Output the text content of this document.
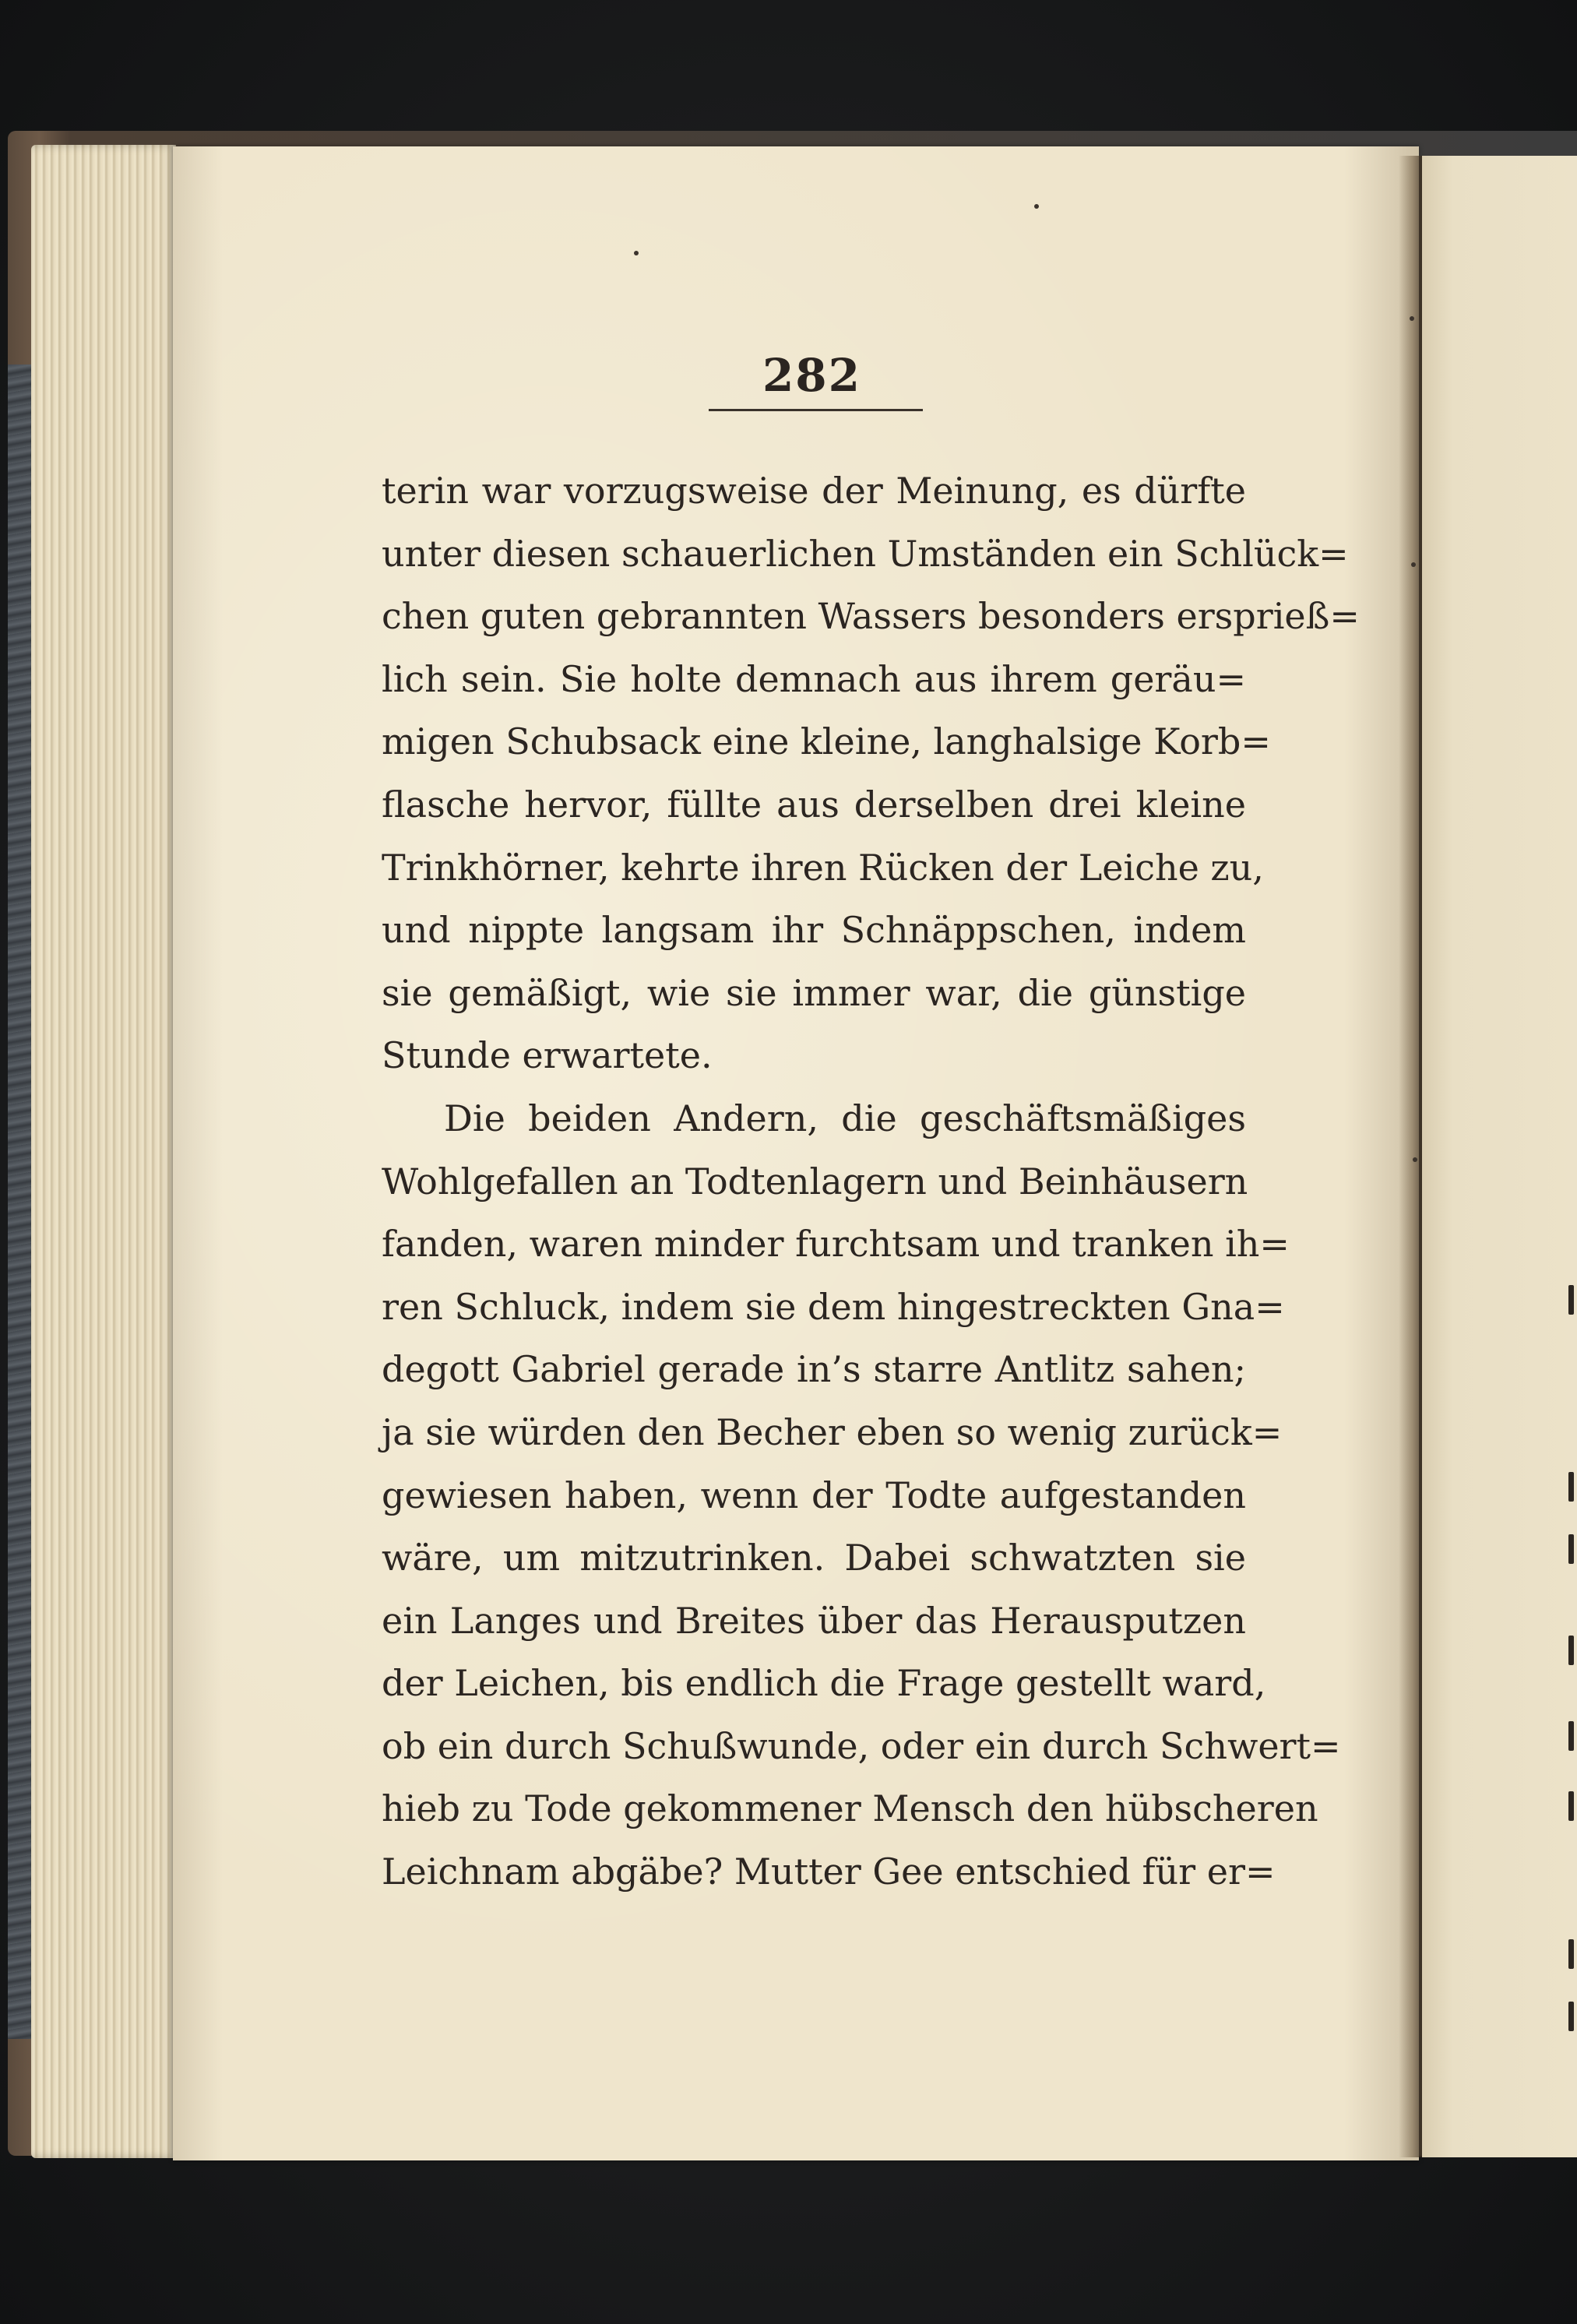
282
terin war vorzugsweise der Meinung, es dürfte
unter diesen schauerlichen Umständen ein Schlück=
chen guten gebrannten Wassers besonders ersprieß=
lich sein. Sie holte demnach aus ihrem geräu=
migen Schubsack eine kleine, langhalsige Korb=
flasche hervor, füllte aus derselben drei kleine
Trinkhörner, kehrte ihren Rücken der Leiche zu,
und nippte langsam ihr Schnäppschen, indem
sie gemäßigt, wie sie immer war, die günstige
Stunde erwartete.
Die beiden Andern, die geschäftsmäßiges
Wohlgefallen an Todtenlagern und Beinhäusern
fanden, waren minder furchtsam und tranken ih=
ren Schluck, indem sie dem hingestreckten Gna=
degott Gabriel gerade in’s starre Antlitz sahen;
ja sie würden den Becher eben so wenig zurück=
gewiesen haben, wenn der Todte aufgestanden
wäre, um mitzutrinken. Dabei schwatzten sie
ein Langes und Breites über das Herausputzen
der Leichen, bis endlich die Frage gestellt ward,
ob ein durch Schußwunde, oder ein durch Schwert=
hieb zu Tode gekommener Mensch den hübscheren
Leichnam abgäbe? Mutter Gee entschied für er=
